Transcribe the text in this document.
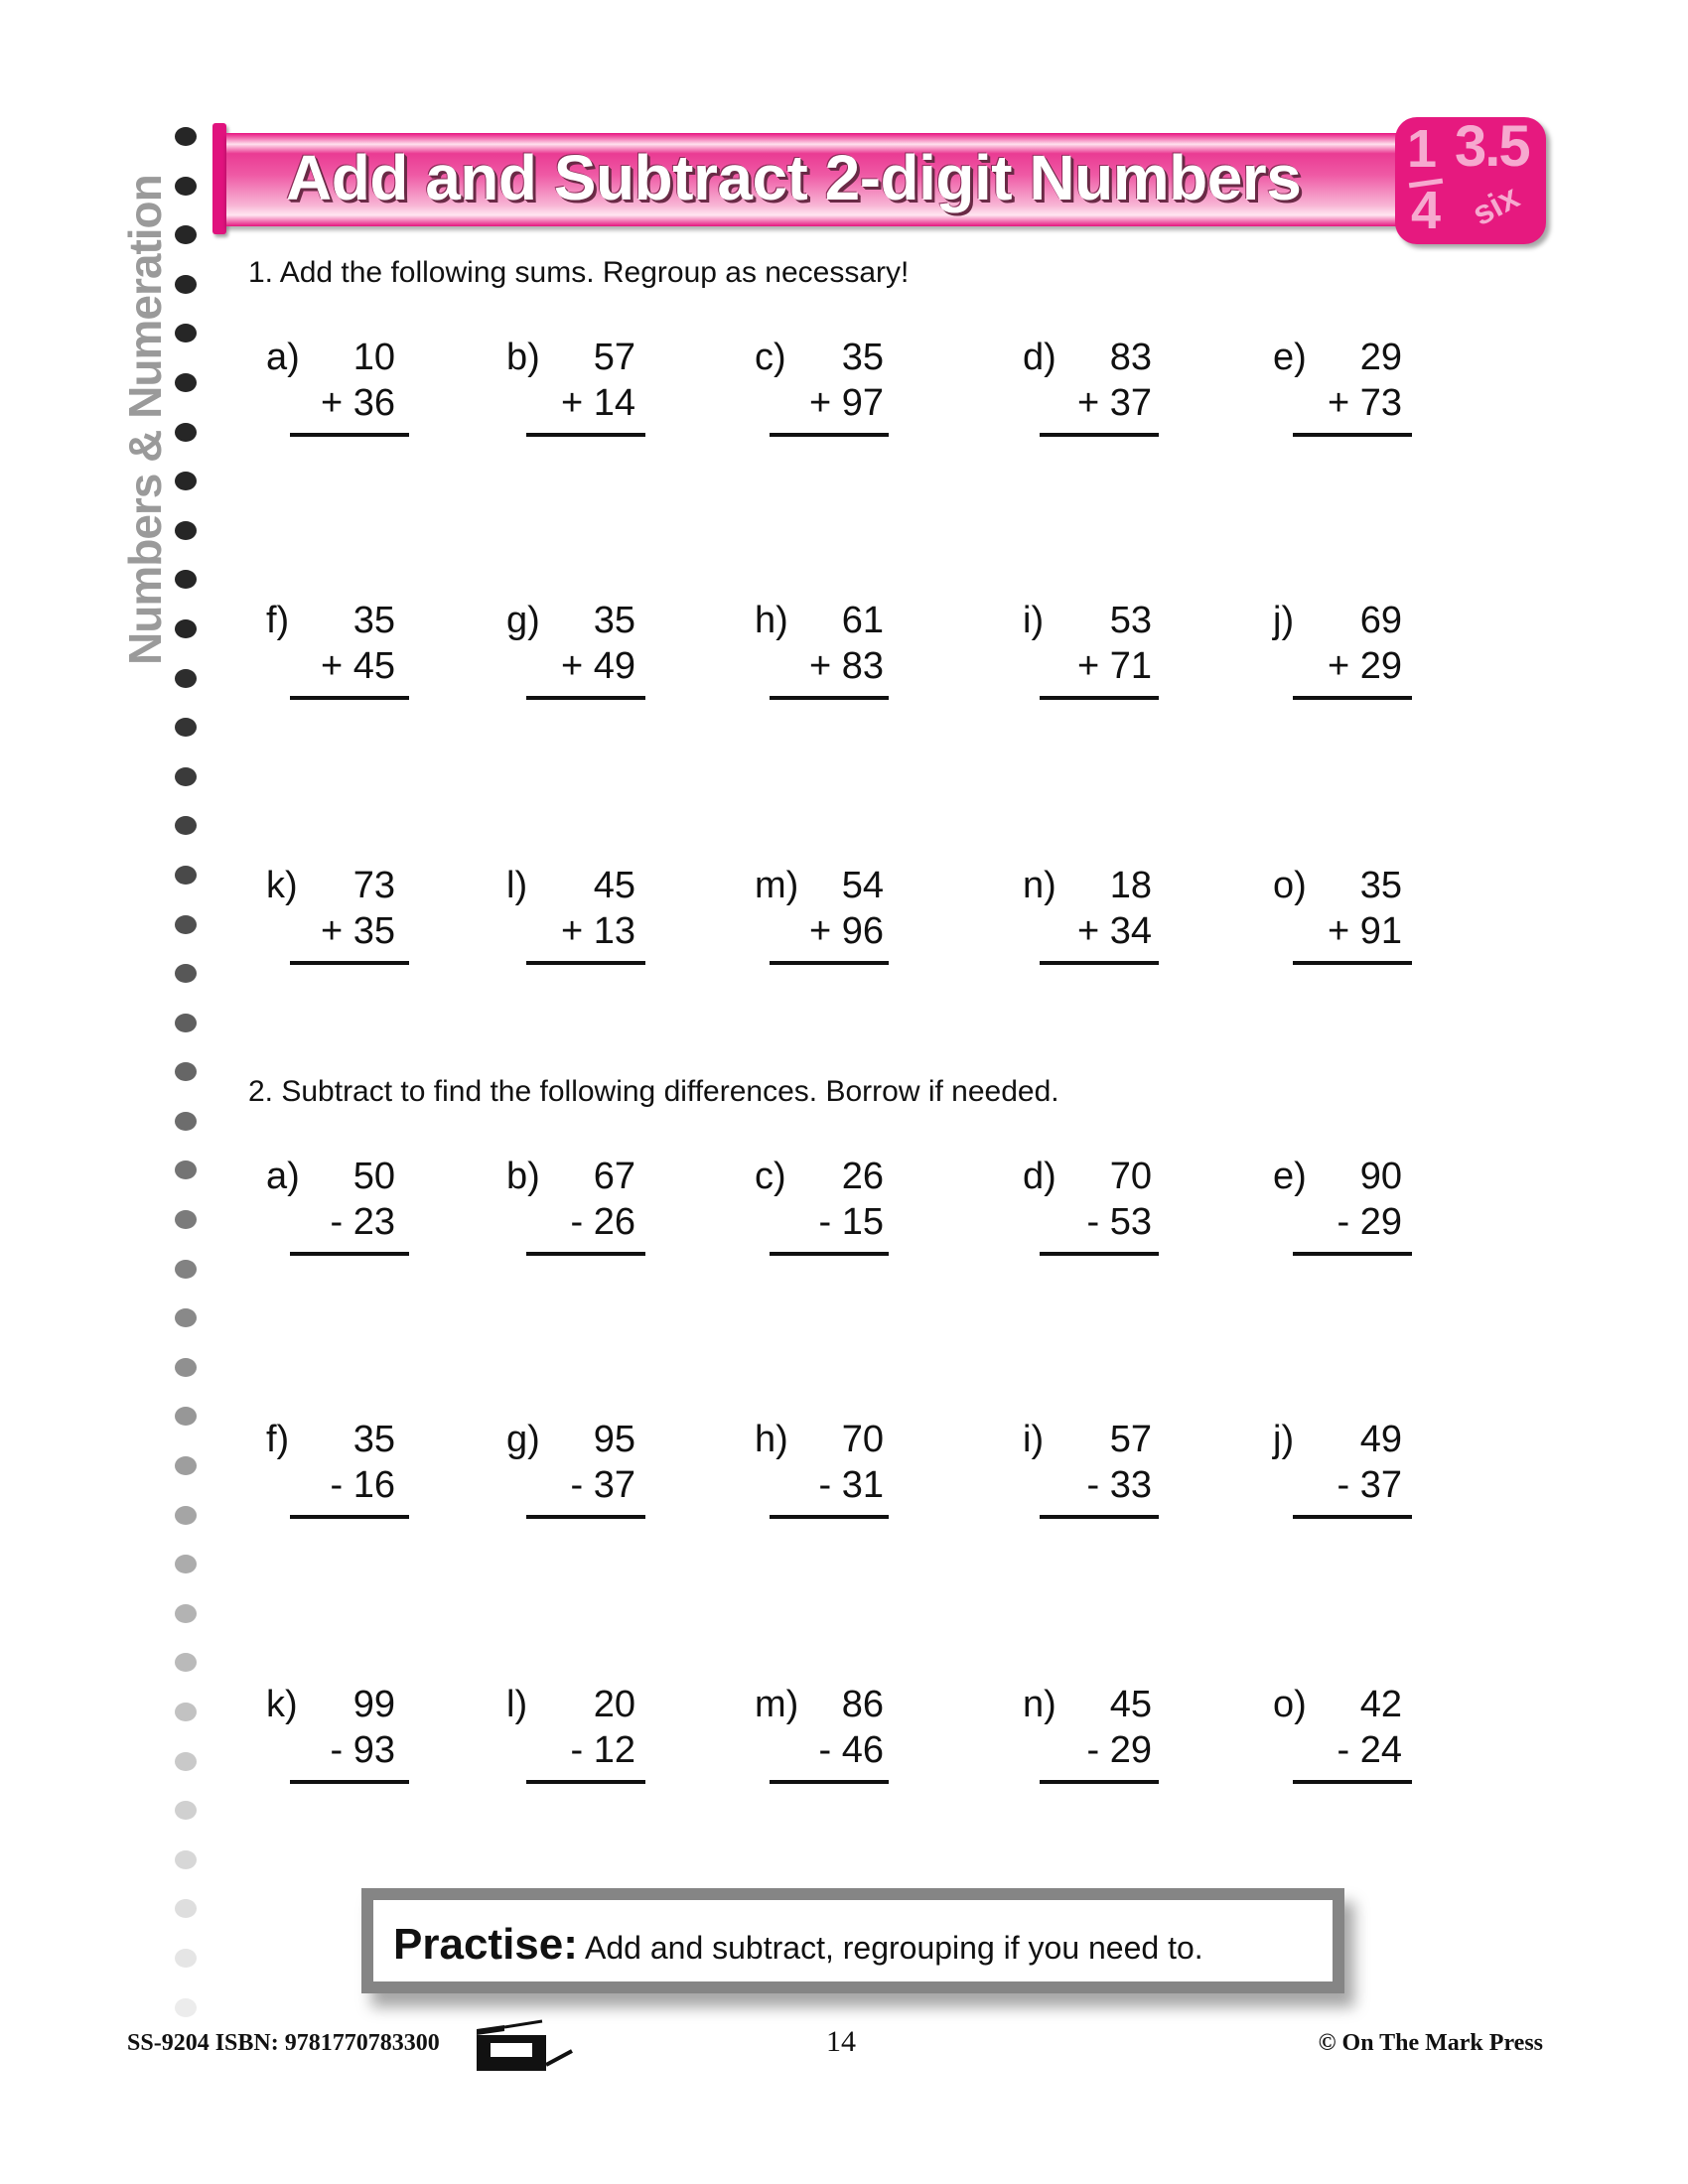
Numbers & Numeration Add and Subtract 2-digit Numbers 1
4
3.5
six
1. Add the following sums. Regroup as necessary!
a) 10
+ 36
b) 57
+ 14
c) 35
+ 97
d) 83
+ 37
e) 29
+ 73
f) 35
+ 45
g) 35
+ 49
h) 61
+ 83
i) 53
+ 71
j) 69
+ 29
k) 73
+ 35
l) 45
+ 13
m) 54
+ 96
n) 18
+ 34
o) 35
+ 91
2. Subtract to find the following differences. Borrow if needed.
a) 50
- 23
b) 67
- 26
c) 26
- 15
d) 70
- 53
e) 90
- 29
f) 35
- 16
g) 95
- 37
h) 70
- 31
i) 57
- 33
j) 49
- 37
k) 99
- 93
l) 20
- 12
m) 86
- 46
n) 45
- 29
o) 42
- 24
Practise: Add and subtract, regrouping if you need to.
SS-9204 ISBN: 9781770783300	14	© On The Mark Press
